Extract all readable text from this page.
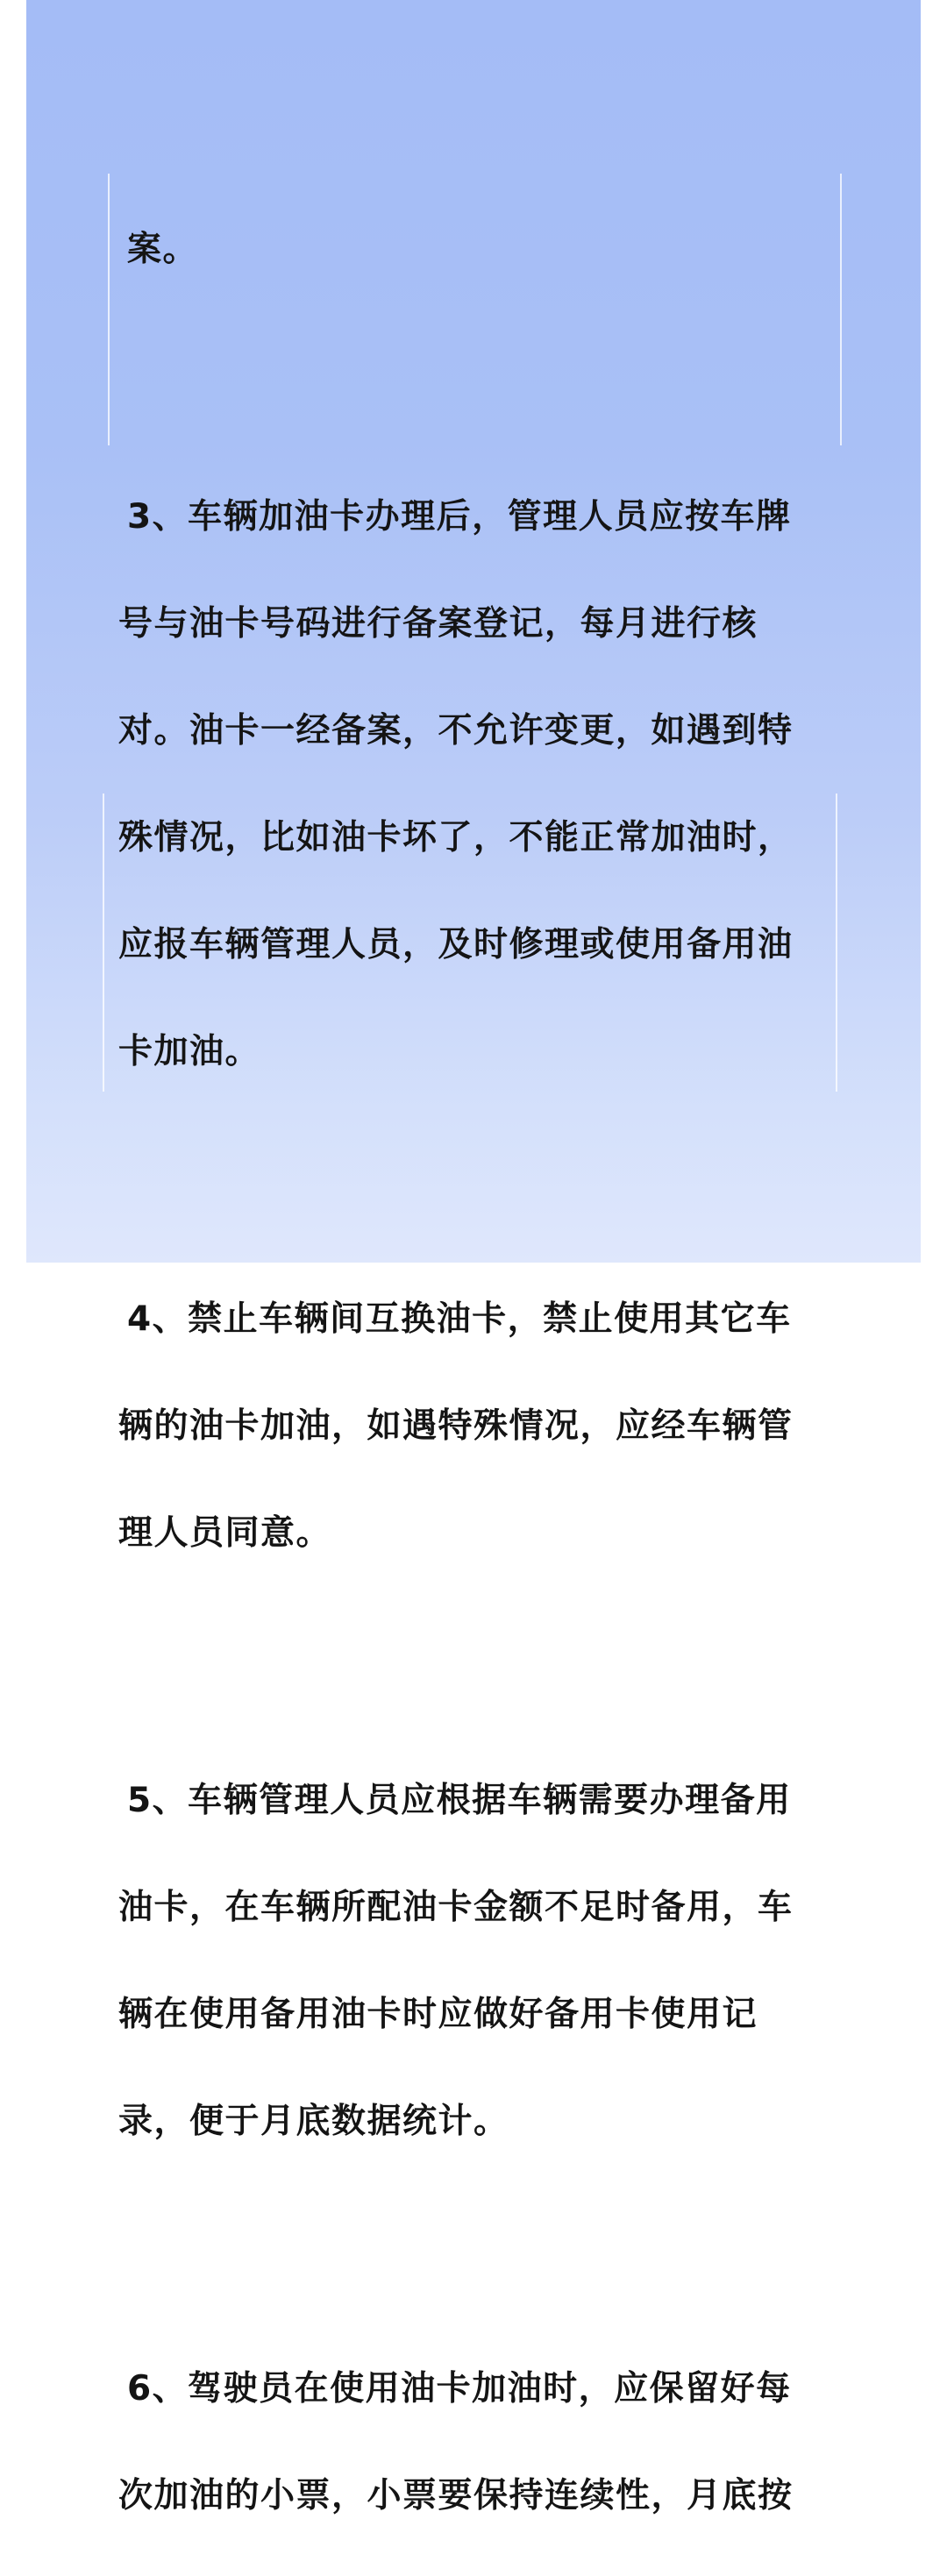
案。

3、车辆加油卡办理后，管理人员应按车牌

号与油卡号码进行备案登记，每月进行核

对。油卡一经备案，不允许变更，如遇到特

殊情况，比如油卡坏了，不能正常加油时，

应报车辆管理人员，及时修理或使用备用油

卡加油。

4、禁止车辆间互换油卡，禁止使用其它车

辆的油卡加油，如遇特殊情况，应经车辆管

理人员同意。

5、车辆管理人员应根据车辆需要办理备用

油卡，在车辆所配油卡金额不足时备用，车

辆在使用备用油卡时应做好备用卡使用记

录，便于月底数据统计。

6、驾驶员在使用油卡加油时，应保留好每

次加油的小票，小票要保持连续性，月底按
